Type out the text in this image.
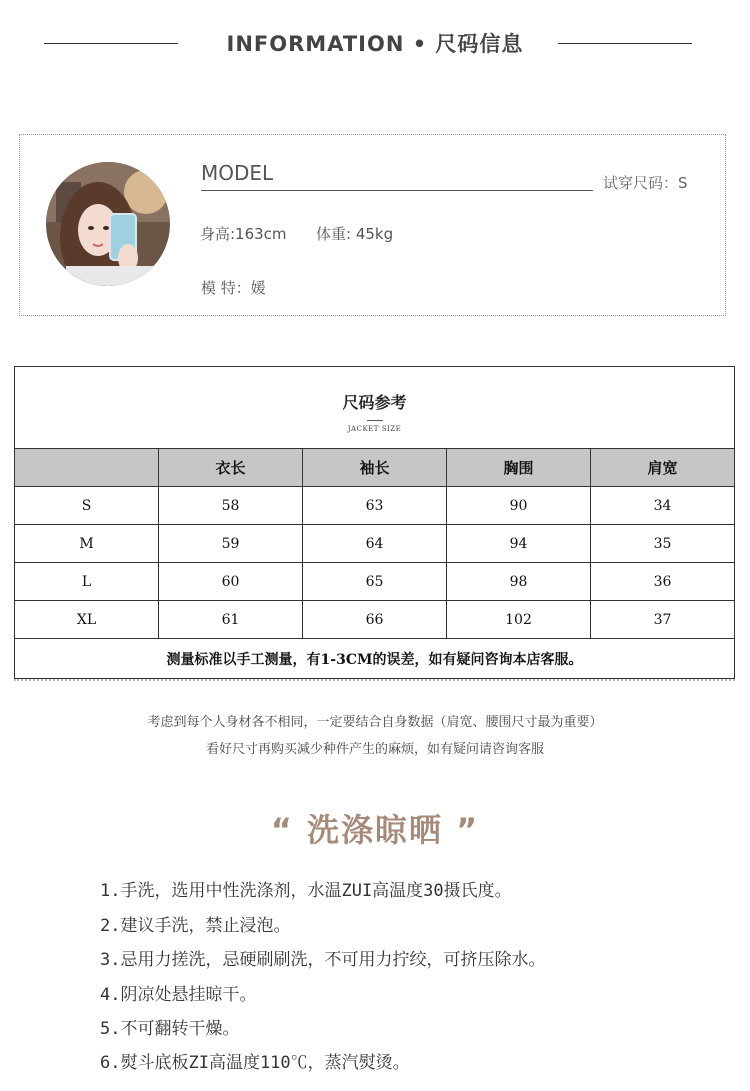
INFORMATION • 尺码信息
MODEL	试穿尺码：S
身高:163cm 体重: 45kg
模 特：媛
尺码参考
JACKET SIZE				

	衣长	袖长	胸围	肩宽
S	58	63	90	34
M	59	64	94	35
L	60	65	98	36
XL	61	66	102	37
测量标准以手工测量，有1-3CM的误差，如有疑问咨询本店客服。				
考虑到每个人身材各不相同，一定要结合自身数据（肩宽、腰围尺寸最为重要）
看好尺寸再购买减少种件产生的麻烦，如有疑问请咨询客服
“ 洗涤晾晒 ”
1.手洗，选用中性洗涤剂，水温ZUI高温度30摄氏度。
2.建议手洗，禁止浸泡。
3.忌用力搓洗，忌硬刷刷洗，不可用力拧绞，可挤压除水。
4.阴凉处悬挂晾干。
5.不可翻转干燥。
6.熨斗底板ZI高温度110℃，蒸汽熨烫。
